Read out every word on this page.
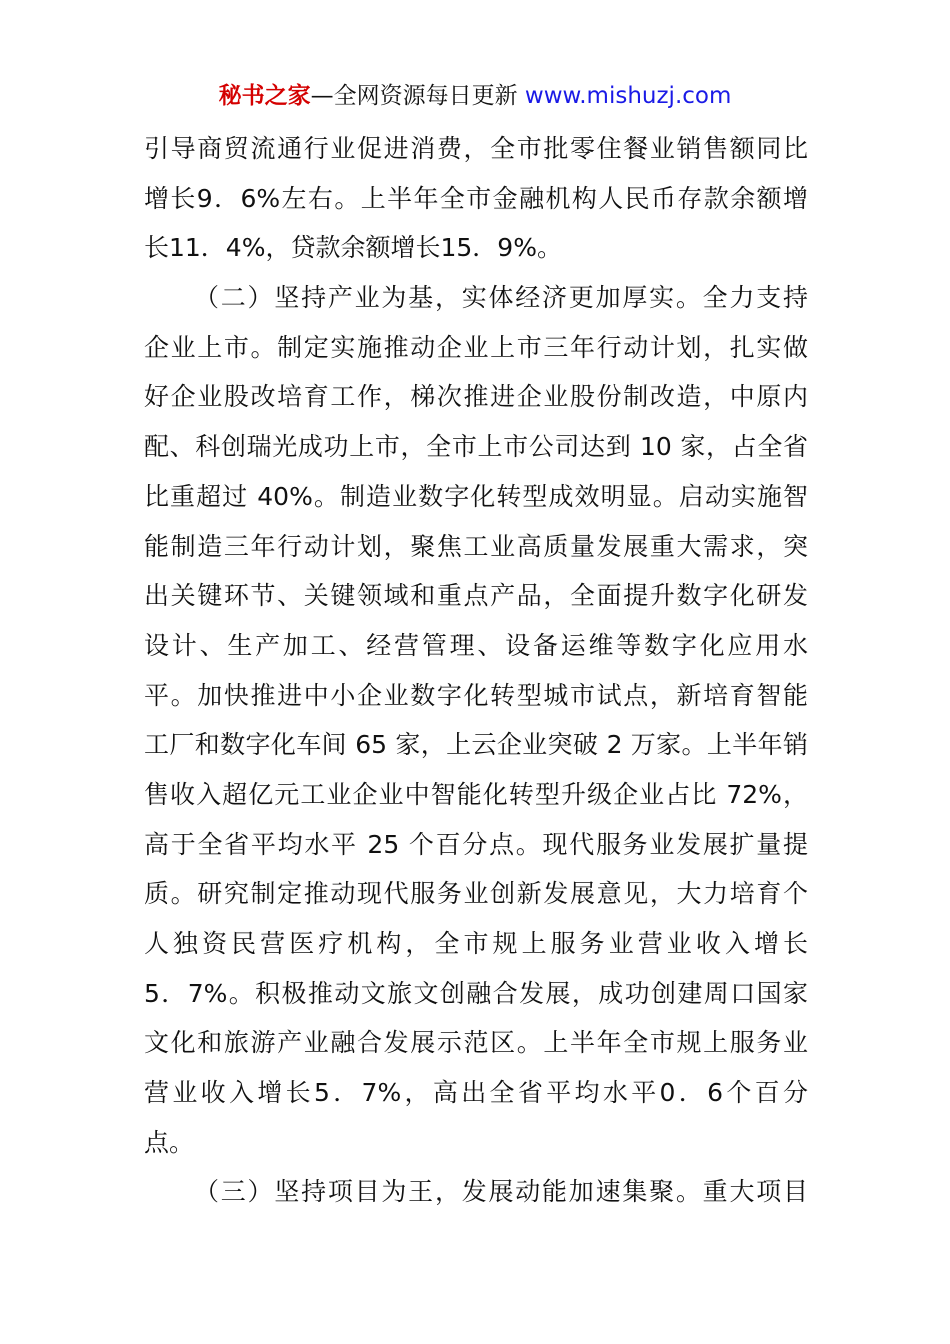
秘书之家—全网资源每日更新 www.mishuzj.com
引导商贸流通行业促进消费，全市批零住餐业销售额同比
增长9．6%左右。上半年全市金融机构人民币存款余额增
长11．4%，贷款余额增长15．9%。
（二）坚持产业为基，实体经济更加厚实。全力支持
企业上市。制定实施推动企业上市三年行动计划，扎实做
好企业股改培育工作，梯次推进企业股份制改造，中原内
配、科创瑞光成功上市，全市上市公司达到 10 家，占全省
比重超过 40%。制造业数字化转型成效明显。启动实施智
能制造三年行动计划，聚焦工业高质量发展重大需求，突
出关键环节、关键领域和重点产品，全面提升数字化研发
设计、生产加工、经营管理、设备运维等数字化应用水
平。加快推进中小企业数字化转型城市试点，新培育智能
工厂和数字化车间 65 家，上云企业突破 2 万家。上半年销
售收入超亿元工业企业中智能化转型升级企业占比 72%，
高于全省平均水平 25 个百分点。现代服务业发展扩量提
质。研究制定推动现代服务业创新发展意见，大力培育个
人独资民营医疗机构，全市规上服务业营业收入增长
5．7%。积极推动文旅文创融合发展，成功创建周口国家
文化和旅游产业融合发展示范区。上半年全市规上服务业
营业收入增长5．7%，高出全省平均水平0．6个百分
点。
（三）坚持项目为王，发展动能加速集聚。重大项目
